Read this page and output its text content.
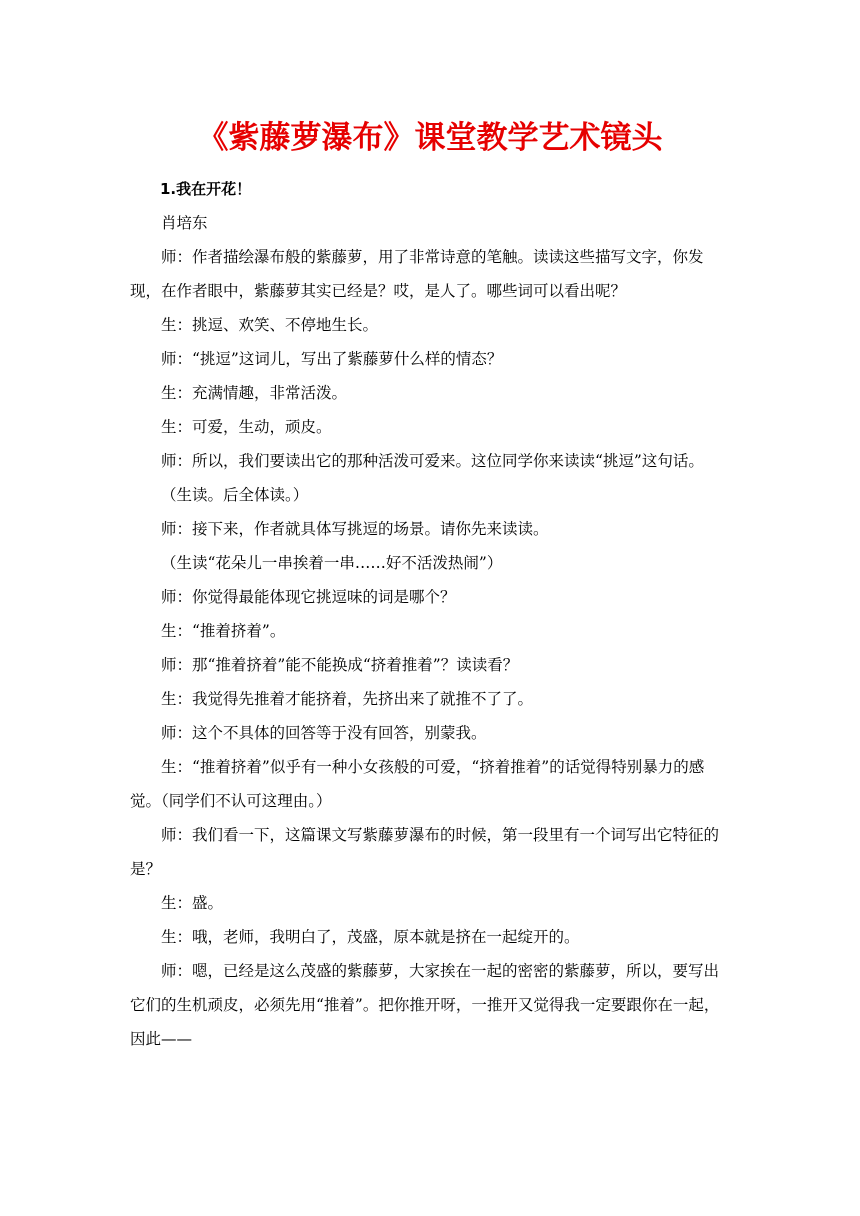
《紫藤萝瀑布》课堂教学艺术镜头

1.我在开花！

肖培东

师：作者描绘瀑布般的紫藤萝，用了非常诗意的笔触。读读这些描写文字，你发现，在作者眼中，紫藤萝其实已经是？哎，是人了。哪些词可以看出呢？

生：挑逗、欢笑、不停地生长。

师：“挑逗”这词儿，写出了紫藤萝什么样的情态？

生：充满情趣，非常活泼。

生：可爱，生动，顽皮。

师：所以，我们要读出它的那种活泼可爱来。这位同学你来读读“挑逗”这句话。

（生读。后全体读。）

师：接下来，作者就具体写挑逗的场景。请你先来读读。

（生读“花朵儿一串挨着一串……好不活泼热闹”）

师：你觉得最能体现它挑逗味的词是哪个？

生：“推着挤着”。

师：那“推着挤着”能不能换成“挤着推着”？读读看？

生：我觉得先推着才能挤着，先挤出来了就推不了了。

师：这个不具体的回答等于没有回答，别蒙我。

生：“推着挤着”似乎有一种小女孩般的可爱，“挤着推着”的话觉得特别暴力的感觉。（同学们不认可这理由。）

师：我们看一下，这篇课文写紫藤萝瀑布的时候，第一段里有一个词写出它特征的是？

生：盛。

生：哦，老师，我明白了，茂盛，原本就是挤在一起绽开的。

师：嗯，已经是这么茂盛的紫藤萝，大家挨在一起的密密的紫藤萝，所以，要写出它们的生机顽皮，必须先用“推着”。把你推开呀，一推开又觉得我一定要跟你在一起，因此——
